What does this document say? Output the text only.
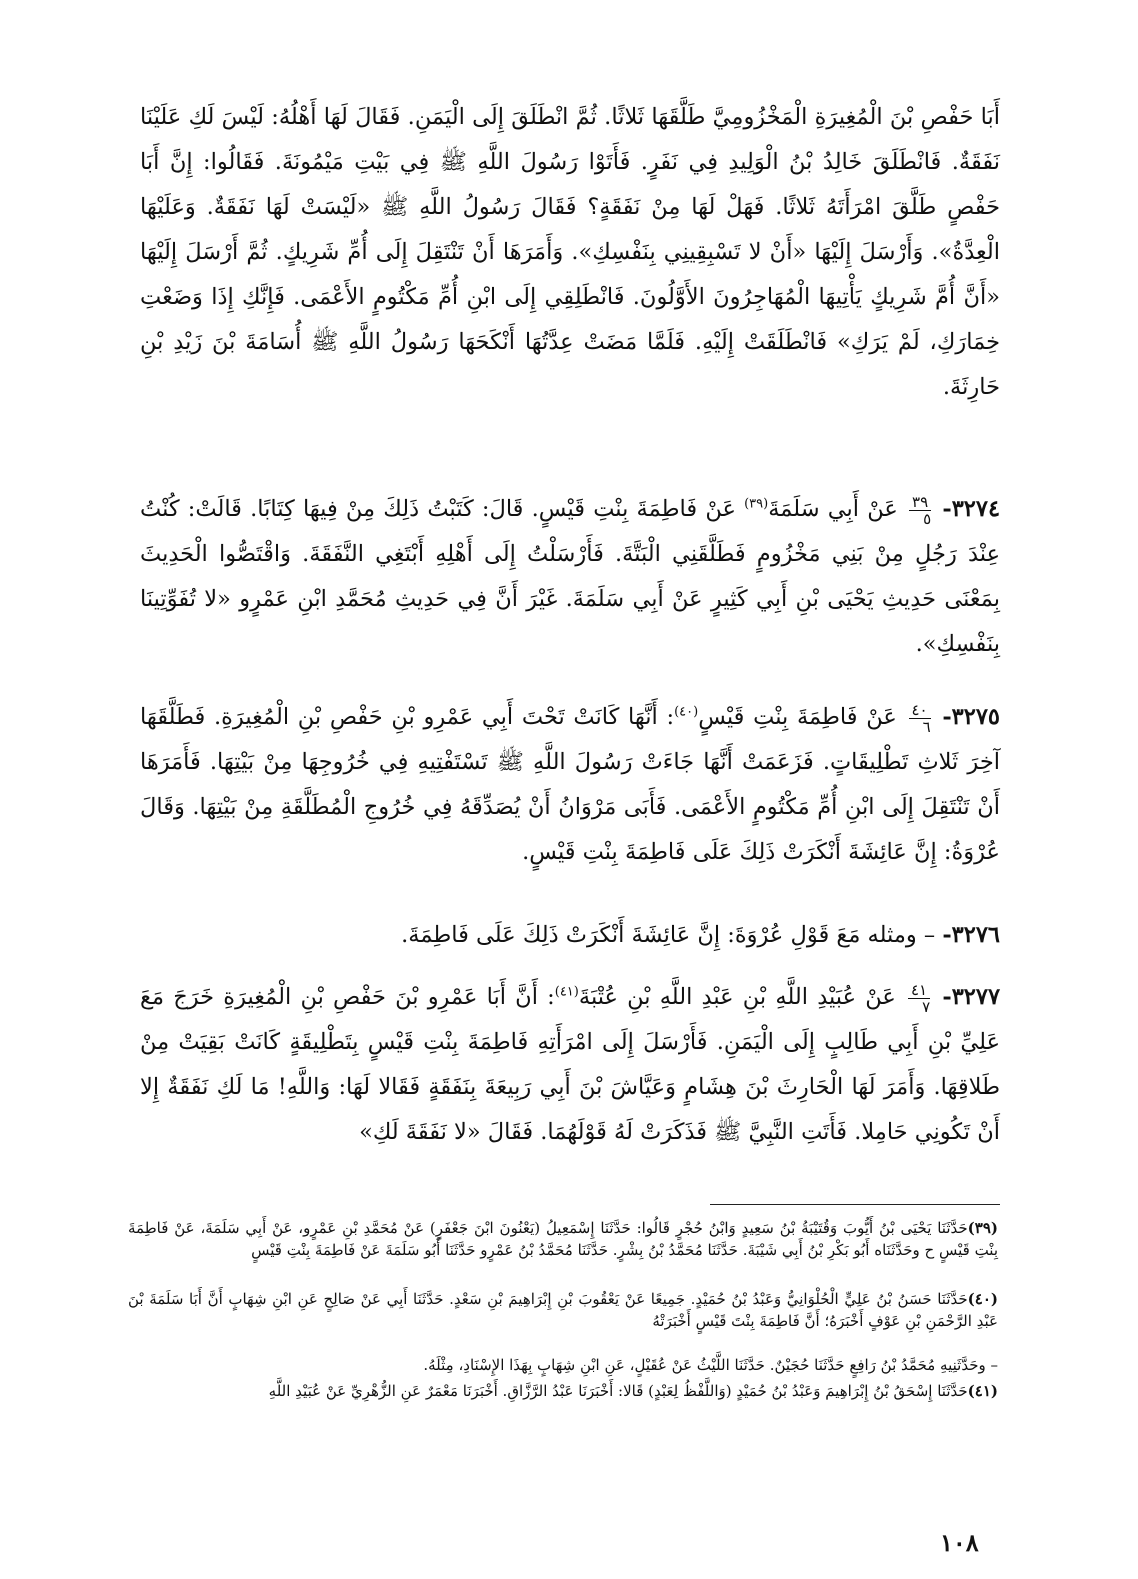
أَبَا حَفْصِ بْنَ الْمُغِيرَةِ الْمَخْزُومِيَّ طَلَّقَهَا ثَلاثًا. ثُمَّ انْطَلَقَ إِلَى الْيَمَنِ. فَقَالَ لَهَا أَهْلُهُ: لَيْسَ لَكِ عَلَيْنَا نَفَقَةٌ. فَانْطَلَقَ خَالِدُ بْنُ الْوَلِيدِ فِي نَفَرٍ. فَأَتَوْا رَسُولَ اللَّهِ ﷺ فِي بَيْتِ مَيْمُونَةَ. فَقَالُوا: إِنَّ أَبَا حَفْصٍ طَلَّقَ امْرَأَتَهُ ثَلاثًا. فَهَلْ لَهَا مِنْ نَفَقَةٍ؟ فَقَالَ رَسُولُ اللَّهِ ﷺ «لَيْسَتْ لَهَا نَفَقَةٌ. وَعَلَيْهَا الْعِدَّةُ». وَأَرْسَلَ إِلَيْهَا «أَنْ لا تَسْبِقِينِي بِنَفْسِكِ». وَأَمَرَهَا أَنْ تَنْتَقِلَ إِلَى أُمِّ شَرِيكٍ. ثُمَّ أَرْسَلَ إِلَيْهَا «أَنَّ أُمَّ شَرِيكٍ يَأْتِيهَا الْمُهَاجِرُونَ الأَوَّلُونَ. فَانْطَلِقِي إِلَى ابْنِ أُمِّ مَكْتُومٍ الأَعْمَى. فَإِنَّكِ إِذَا وَضَعْتِ خِمَارَكِ، لَمْ يَرَكِ» فَانْطَلَقَتْ إِلَيْهِ. فَلَمَّا مَضَتْ عِدَّتُهَا أَنْكَحَهَا رَسُولُ اللَّهِ ﷺ أُسَامَةَ بْنَ زَيْدِ بْنِ حَارِثَةَ.

٣٢٧٤-
$\frac{٣٩}{٥}$
عَنْ أَبِي سَلَمَةَ$^{(٣٩)}$ عَنْ فَاطِمَةَ بِنْتِ قَيْسٍ. قَالَ: كَتَبْتُ ذَلِكَ مِنْ فِيهَا كِتَابًا. قَالَتْ: كُنْتُ عِنْدَ رَجُلٍ مِنْ بَنِي مَخْزُومٍ فَطَلَّقَنِي الْبَتَّةَ. فَأَرْسَلْتُ إِلَى أَهْلِهِ أَبْتَغِي النَّفَقَةَ. وَاقْتَصُّوا الْحَدِيثَ بِمَعْنَى حَدِيثِ يَحْيَى بْنِ أَبِي كَثِيرٍ عَنْ أَبِي سَلَمَةَ. غَيْرَ أَنَّ فِي حَدِيثِ مُحَمَّدِ ابْنِ عَمْرٍو «لا تُفَوِّتِينَا بِنَفْسِكِ».

٣٢٧٥-
$\frac{٤٠}{٦}$
عَنْ فَاطِمَةَ بِنْتِ قَيْسٍ$^{(٤٠)}$: أَنَّهَا كَانَتْ تَحْتَ أَبِي عَمْرِو بْنِ حَفْصِ بْنِ الْمُغِيرَةِ. فَطَلَّقَهَا آخِرَ ثَلاثِ تَطْلِيقَاتٍ. فَزَعَمَتْ أَنَّهَا جَاءَتْ رَسُولَ اللَّهِ ﷺ تَسْتَفْتِيهِ فِي خُرُوجِهَا مِنْ بَيْتِهَا. فَأَمَرَهَا أَنْ تَنْتَقِلَ إِلَى ابْنِ أُمِّ مَكْتُومٍ الأَعْمَى. فَأَبَى مَرْوَانُ أَنْ يُصَدِّقَهُ فِي خُرُوجِ الْمُطَلَّقَةِ مِنْ بَيْتِهَا. وَقَالَ عُرْوَةُ: إِنَّ عَائِشَةَ أَنْكَرَتْ ذَلِكَ عَلَى فَاطِمَةَ بِنْتِ قَيْسٍ.

٣٢٧٦- – ومثله مَعَ قَوْلِ عُرْوَةَ: إِنَّ عَائِشَةَ أَنْكَرَتْ ذَلِكَ عَلَى فَاطِمَةَ.

٣٢٧٧-
$\frac{٤١}{٧}$
عَنْ عُبَيْدِ اللَّهِ بْنِ عَبْدِ اللَّهِ بْنِ عُتْبَةَ$^{(٤١)}$: أَنَّ أَبَا عَمْرِو بْنَ حَفْصِ بْنِ الْمُغِيرَةِ خَرَجَ مَعَ عَلِيِّ بْنِ أَبِي طَالِبٍ إِلَى الْيَمَنِ. فَأَرْسَلَ إِلَى امْرَأَتِهِ فَاطِمَةَ بِنْتِ قَيْسٍ بِتَطْلِيقَةٍ كَانَتْ بَقِيَتْ مِنْ طَلاقِهَا. وَأَمَرَ لَهَا الْحَارِثَ بْنَ هِشَامٍ وَعَيَّاشَ بْنَ أَبِي رَبِيعَةَ بِنَفَقَةٍ فَقَالا لَهَا: وَاللَّهِ! مَا لَكِ نَفَقَةٌ إِلا أَنْ تَكُونِي حَامِلا. فَأَتَتِ النَّبِيَّ ﷺ فَذَكَرَتْ لَهُ قَوْلَهُمَا. فَقَالَ «لا نَفَقَةَ لَكِ»

(٣٩)حَدَّثَنَا يَحْيَى بْنُ أَيُّوبَ وَقُتَيْبَةُ بْنُ سَعِيدٍ وَابْنُ حُجْرٍ قَالُوا: حَدَّثَنَا إِسْمَعِيلُ (يَعْنُونَ ابْنَ جَعْفَرٍ) عَنْ مُحَمَّدِ بْنِ عَمْرٍو، عَنْ أَبِي سَلَمَةَ، عَنْ فَاطِمَةَ بِنْتِ قَيْسٍ ح وحَدَّثَنَاه أَبُو بَكْرِ بْنُ أَبِي شَيْبَةَ. حَدَّثَنَا مُحَمَّدُ بْنُ بِشْرٍ. حَدَّثَنَا مُحَمَّدُ بْنُ عَمْرٍو حَدَّثَنَا أَبُو سَلَمَةَ عَنْ فَاطِمَةَ بِنْتِ قَيْسٍ

(٤٠)حَدَّثَنَا حَسَنُ بْنُ عَلِيٍّ الْحُلْوَانِيُّ وَعَبْدُ بْنُ حُمَيْدٍ. جَمِيعًا عَنْ يَعْقُوبَ بْنِ إِبْرَاهِيمَ بْنِ سَعْدٍ. حَدَّثَنَا أَبِي عَنْ صَالِحٍ عَنِ ابْنِ شِهَابٍ أَنَّ أَبَا سَلَمَةَ بْنَ عَبْدِ الرَّحْمَنِ بْنِ عَوْفٍ أَخْبَرَهُ؛ أَنَّ فَاطِمَةَ بِنْتَ قَيْسٍ أَخْبَرَتْهُ

– وحَدَّثَنِيهِ مُحَمَّدُ بْنُ رَافِعٍ حَدَّثَنَا حُجَيْنٌ. حَدَّثَنَا اللَّيْثُ عَنْ عُقَيْلٍ، عَنِ ابْنِ شِهَابٍ بِهَذَا الإِسْنَادِ، مِثْلَهُ.

(٤١)حَدَّثَنَا إِسْحَقُ بْنُ إِبْرَاهِيمَ وَعَبْدُ بْنُ حُمَيْدٍ (وَاللَّفْظُ لِعَبْدٍ) قَالا: أَخْبَرَنَا عَبْدُ الرَّزَّاقِ. أَخْبَرَنَا مَعْمَرٌ عَنِ الزُّهْرِيِّ عَنْ عُبَيْدِ اللَّهِ

١٠٨
